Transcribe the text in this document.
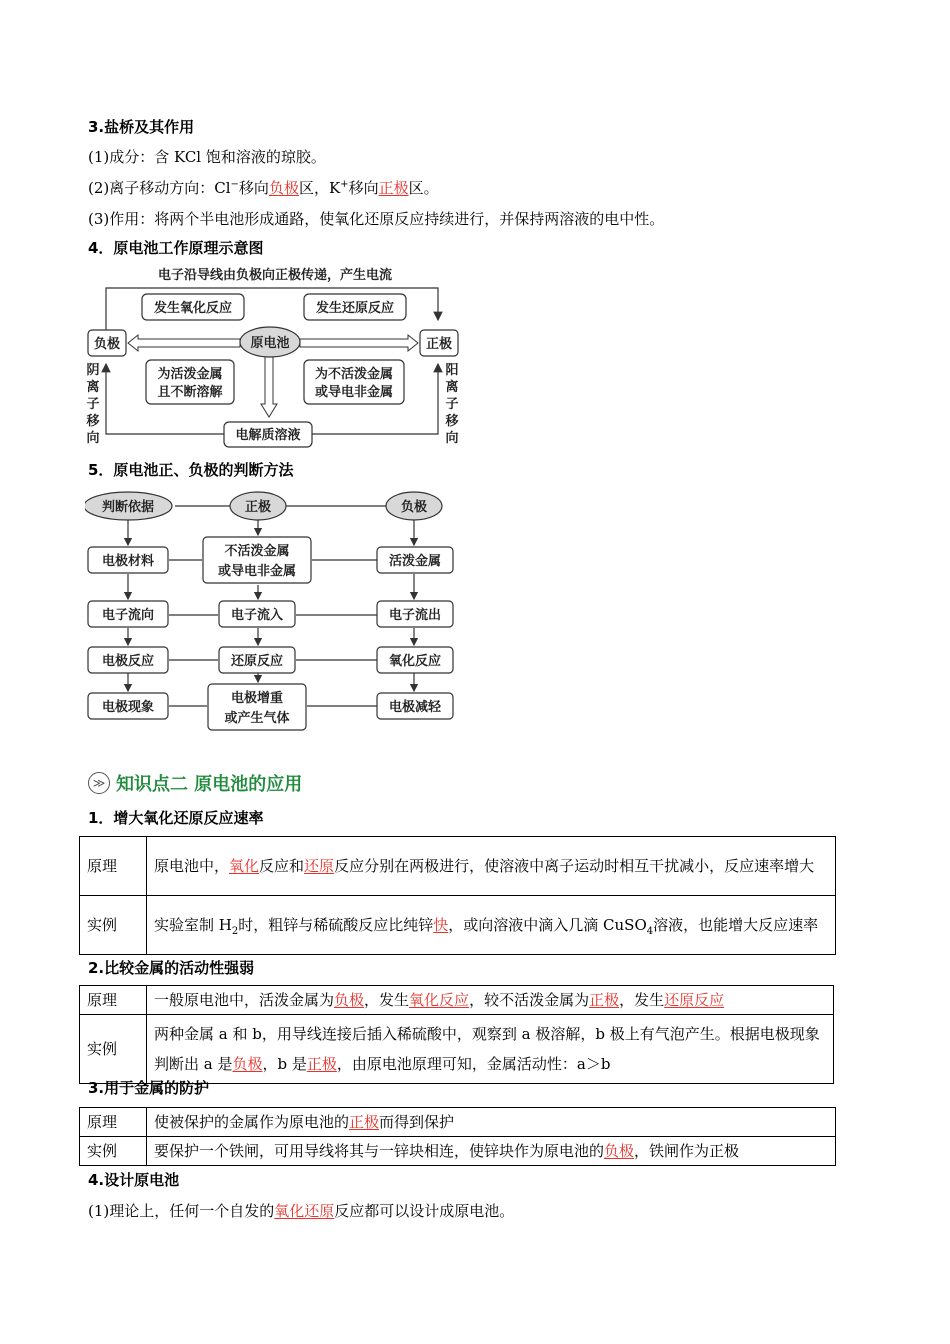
3.盐桥及其作用
(1)成分：含 KCl 饱和溶液的琼胶。
(2)离子移动方向：Cl−移向负极区，K+移向正极区。
(3)作用：将两个半电池形成通路，使氧化还原反应持续进行，并保持两溶液的电中性。
4．原电池工作原理示意图
电子沿导线由负极向正极传递，产生电流
负极	正极
原电池
发生氧化反应	发生还原反应
为活泼金属
且不断溶解
为不活泼金属
或导电非金属
电解质溶液
阴
离
子
移
向
阳
离
子
移
向
5．原电池正、负极的判断方法
判断依据	正极	负极
电极材料
不活泼金属
或导电非金属
活泼金属
电子流向	电子流入	电子流出
电极反应	还原反应	氧化反应
电极现象
电极增重
或产生气体
电极减轻
≫ 知识点二 原电池的应用
1．增大氧化还原反应速率
原理	原电池中，氧化反应和还原反应分别在两极进行，使溶液中离子运动时相互干扰减小，反应速率增大
实例	实验室制 $H_2$时，粗锌与稀硫酸反应比纯锌快，或向溶液中滴入几滴 CuSO$_4$溶液，也能增大反应速率
2.比较金属的活动性强弱
原理	一般原电池中，活泼金属为负极，发生氧化反应，较不活泼金属为正极，发生还原反应
实例	两种金属 a 和 b，用导线连接后插入稀硫酸中，观察到 a 极溶解，b 极上有气泡产生。根据电极现象判断出 a 是负极，b 是正极，由原电池原理可知，金属活动性：a＞b
3.用于金属的防护
原理	使被保护的金属作为原电池的正极而得到保护
实例	要保护一个铁闸，可用导线将其与一锌块相连，使锌块作为原电池的负极，铁闸作为正极
4.设计原电池
(1)理论上，任何一个自发的氧化还原反应都可以设计成原电池。
